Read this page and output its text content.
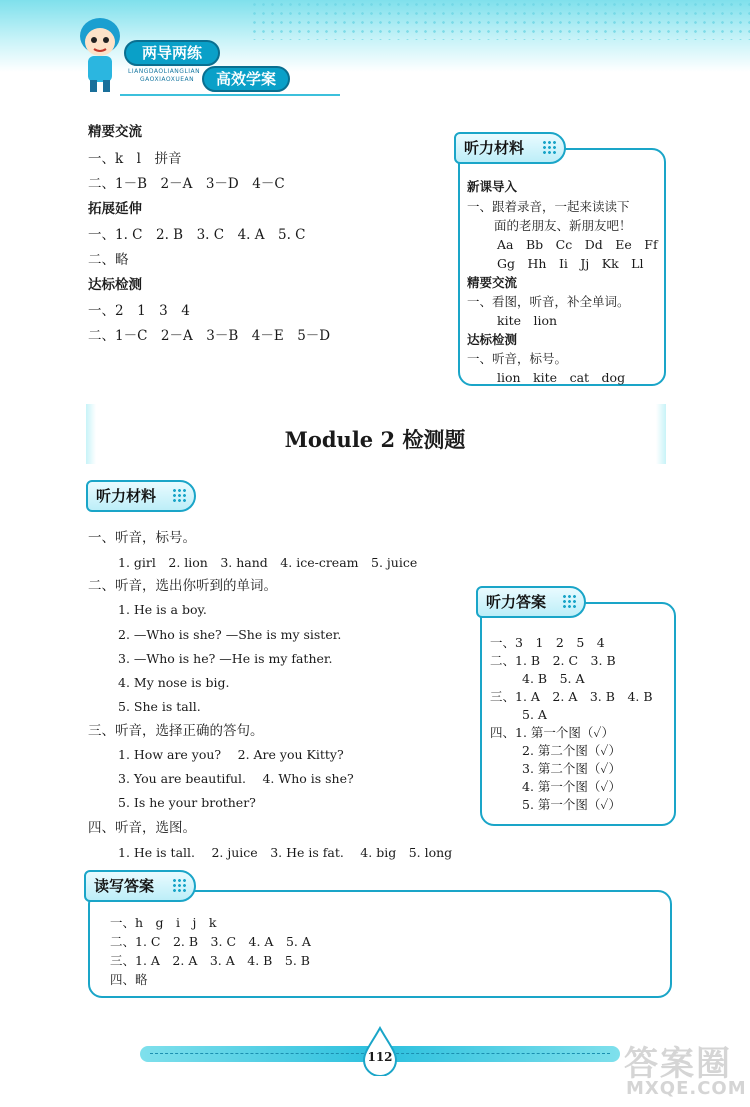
两导两练
LIANGDAOLIANGLIAN
GAOXIAOXUEAN	高效学案
精要交流
一、k　l　拼音
二、1－B　2－A　3－D　4－C
拓展延伸
一、1. C　2. B　3. C　4. A　5. C
二、略
达标检测
一、2　1　3　4
二、1－C　2－A　3－B　4－E　5－D
听力材料
新课导入
一、跟着录音，一起来读读下
面的老朋友、新朋友吧！
Aa　Bb　Cc　Dd　Ee　Ff
Gg　Hh　Ii　Jj　Kk　Ll
精要交流
一、看图，听音，补全单词。
kite　lion
达标检测
一、听音，标号。
lion　kite　cat　dog
Module 2 检测题
听力材料
一、听音，标号。
1. girl　2. lion　3. hand　4. ice-cream　5. juice
二、听音，选出你听到的单词。
1. He is a boy.
2. —Who is she? —She is my sister.
3. —Who is he? —He is my father.
4. My nose is big.
5. She is tall.
三、听音，选择正确的答句。
1. How are you?　 2. Are you Kitty?
3. You are beautiful.　 4. Who is she?
5. Is he your brother?
四、听音，选图。
1. He is tall.　 2. juice　3. He is fat.　 4. big　5. long
听力答案
一、3　1　2　5　4
二、1. B　2. C　3. B
4. B　5. A
三、1. A　2. A　3. B　4. B
5. A
四、1. 第一个图（✓）
2. 第二个图（✓）
3. 第二个图（✓）
4. 第一个图（✓）
5. 第一个图（✓）
读写答案
一、h　g　i　j　k
二、1. C　2. B　3. C　4. A　5. A
三、1. A　2. A　3. A　4. B　5. B
四、略
112	答案圈
MXQE.COM
